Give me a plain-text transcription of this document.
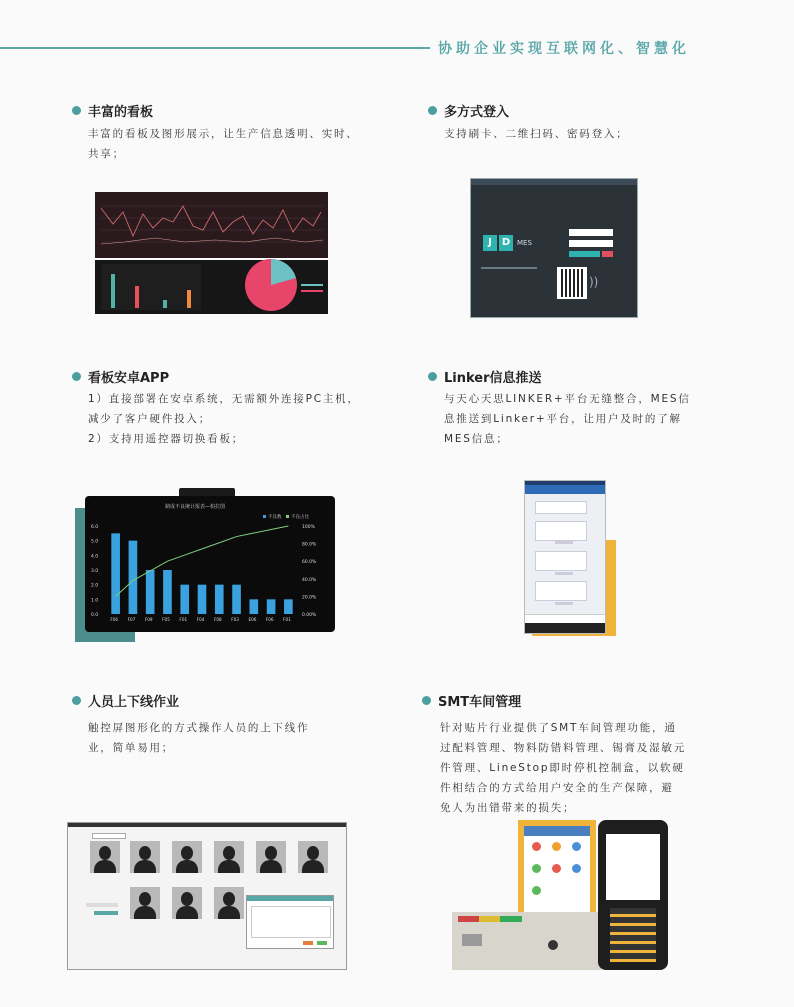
协助企业实现互联网化、智慧化
丰富的看板
丰富的看板及图形展示，让生产信息透明、实时、
共享；
多方式登入
支持刷卡、二维扫码、密码登入；
看板安卓APP
1）直接部署在安卓系统，无需额外连接PC主机，
减少了客户硬件投入；
2）支持用遥控器切换看板；
Linker信息推送
与天心天思LINKER+平台无缝整合，MES信
息推送到Linker+平台，让用户及时的了解
MES信息；
人员上下线作业
触控屏图形化的方式操作人员的上下线作
业，简单易用；
SMT车间管理
针对贴片行业提供了SMT车间管理功能，通
过配料管理、物料防错料管理、锡膏及湿敏元
件管理、LineStop即时停机控制盒，以软硬
件相结合的方式给用户安全的生产保障，避
免人为出错带来的损失；
J D MES
))
制成不良统计报表—柏拉图
不良数 不良占比
6.0
5.0
4.0
3.0
2.0
1.0
0.0
100%
80.0%
60.0%
40.0%
20.0%
0.00%
F06 F07 F09 F05 F01 F04 F08 F03 E06 F06 F01
